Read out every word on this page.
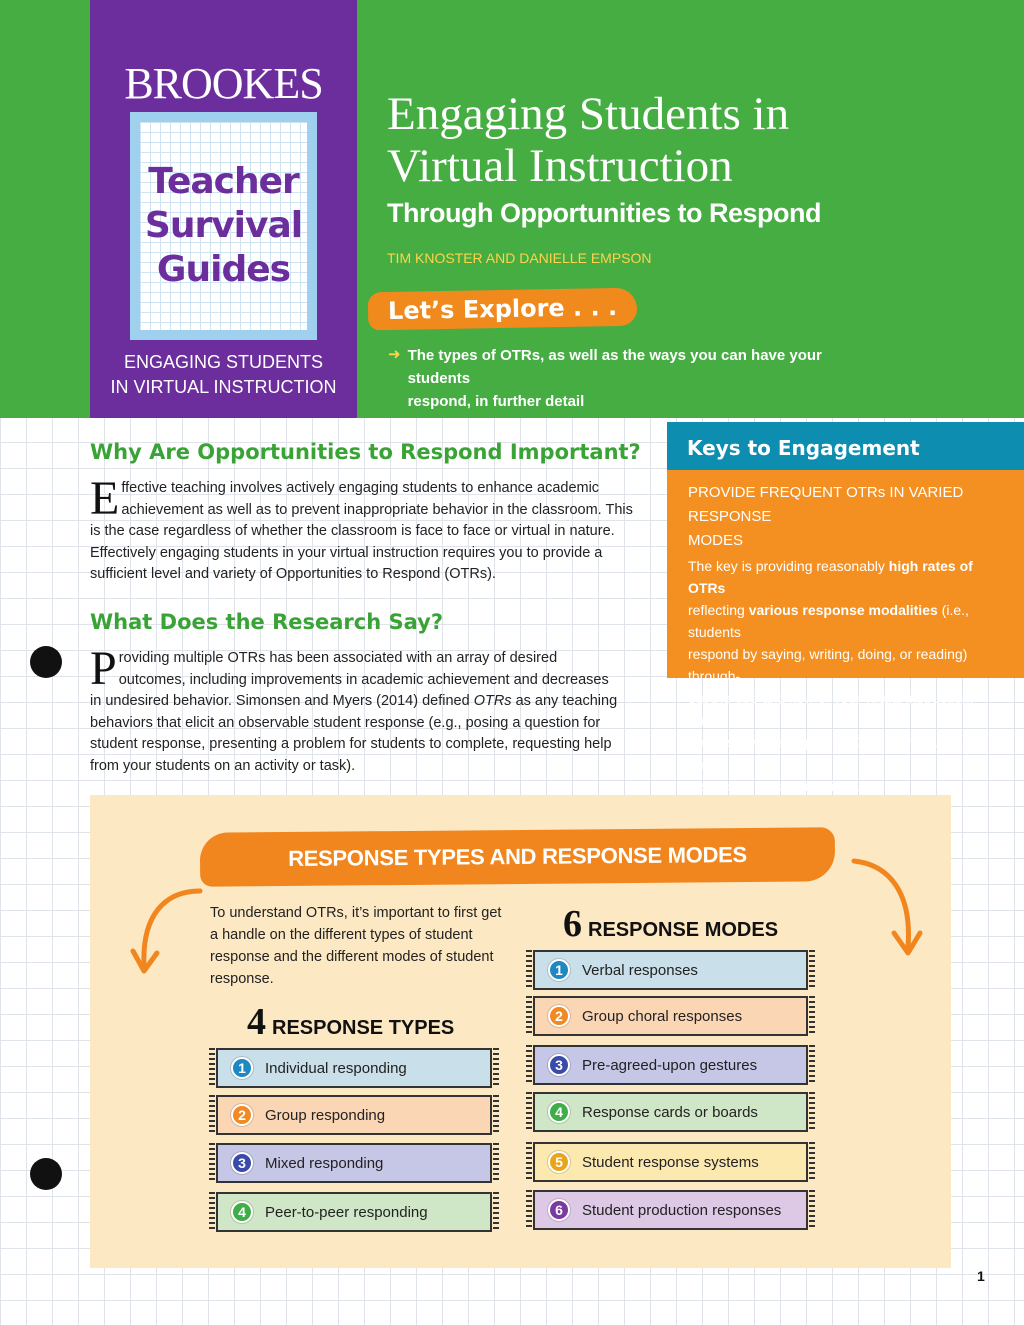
BROOKES
Teacher
Survival
Guides
ENGAGING STUDENTS
IN VIRTUAL INSTRUCTION
Engaging Students in
Virtual Instruction
Through Opportunities to Respond
TIM KNOSTER AND DANIELLE EMPSON
Let’s Explore . . .
➜ The types of OTRs, as well as the ways you can have your students
respond, in further detail
Why Are Opportunities to Respond Important?
E ffective teaching involves actively engaging students to enhance academic
achievement as well as to prevent inappropriate behavior in the classroom. This
is the case regardless of whether the classroom is face to face or virtual in nature.
Effectively engaging students in your virtual instruction requires you to provide a
sufficient level and variety of Opportunities to Respond (OTRs).
What Does the Research Say?
P roviding multiple OTRs has been associated with an array of desired
outcomes, including improvements in academic achievement and decreases
in undesired behavior. Simonsen and Myers (2014) defined OTRs as any teaching
behaviors that elicit an observable student response (e.g., posing a question for
student response, presenting a problem for students to complete, requesting help
from your students on an activity or task).
Keys to Engagement
PROVIDE FREQUENT OTRs IN VARIED RESPONSE
MODES
The key is providing reasonably high rates of OTRs
reflecting various response modalities (i.e., students
respond by saying, writing, doing, or reading) through-
out the ebb and flow of your virtual instruction. There
are lots of ways to provide OTRs. Of course, no one
size fits all virtual situations.
RESPONSE TYPES AND RESPONSE MODES
To understand OTRs, it’s important to first get
a handle on the different types of student
response and the different modes of student
response.
4 RESPONSE TYPES
1	Individual responding
2	Group responding
3	Mixed responding
4	Peer-to-peer responding
6 RESPONSE MODES
1	Verbal responses
2	Group choral responses
3	Pre-agreed-upon gestures
4	Response cards or boards
5	Student response systems
6	Student production responses
1
